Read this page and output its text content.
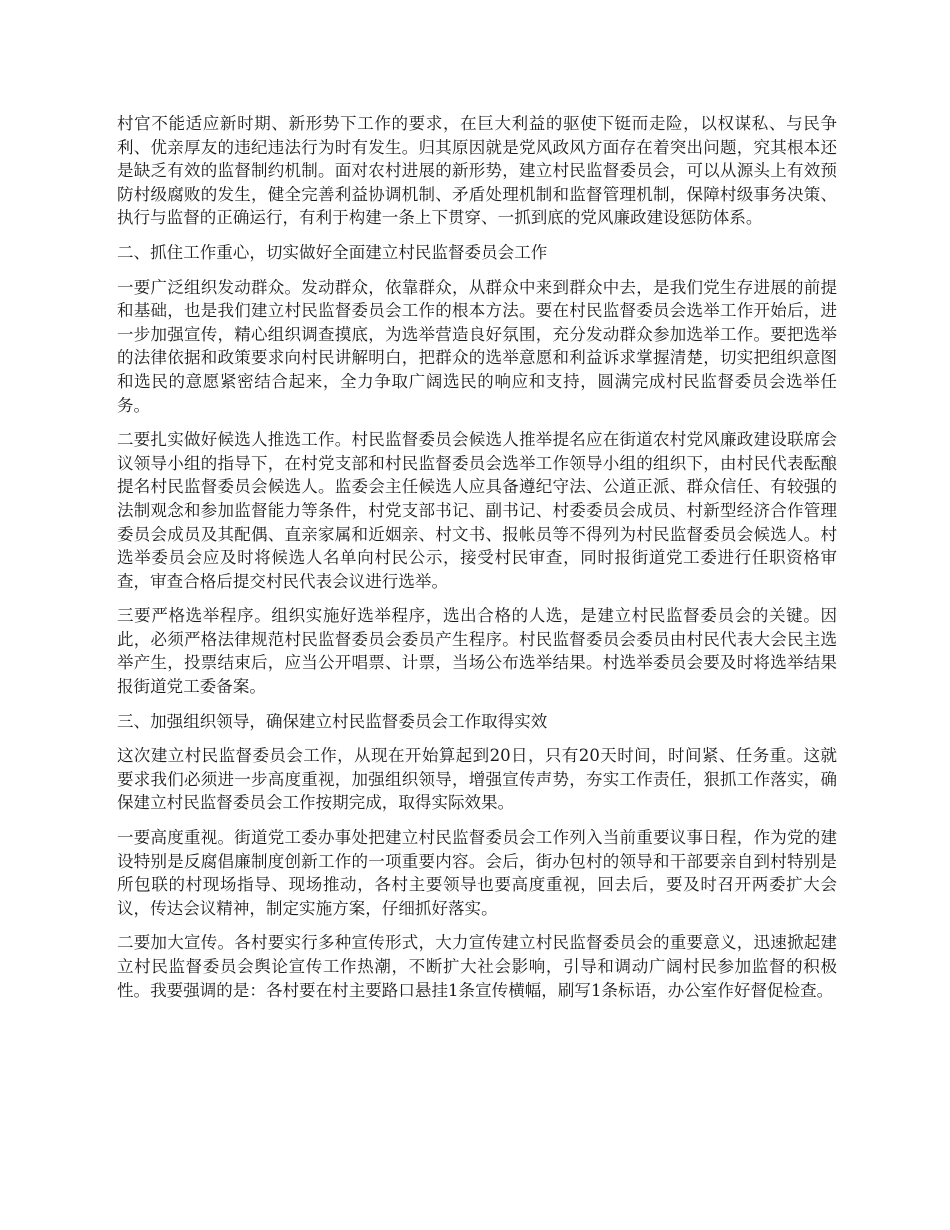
村官不能适应新时期、新形势下工作的要求，在巨大利益的驱使下铤而走险，以权谋私、与民争利、优亲厚友的违纪违法行为时有发生。归其原因就是党风政风方面存在着突出问题，究其根本还是缺乏有效的监督制约机制。面对农村进展的新形势，建立村民监督委员会，可以从源头上有效预防村级腐败的发生，健全完善利益协调机制、矛盾处理机制和监督管理机制，保障村级事务决策、执行与监督的正确运行，有利于构建一条上下贯穿、一抓到底的党风廉政建设惩防体系。

二、抓住工作重心，切实做好全面建立村民监督委员会工作

一要广泛组织发动群众。发动群众，依靠群众，从群众中来到群众中去，是我们党生存进展的前提和基础，也是我们建立村民监督委员会工作的根本方法。要在村民监督委员会选举工作开始后，进一步加强宣传，精心组织调查摸底，为选举营造良好氛围，充分发动群众参加选举工作。要把选举的法律依据和政策要求向村民讲解明白，把群众的选举意愿和利益诉求掌握清楚，切实把组织意图和选民的意愿紧密结合起来，全力争取广阔选民的响应和支持，圆满完成村民监督委员会选举任务。

二要扎实做好候选人推选工作。村民监督委员会候选人推举提名应在街道农村党风廉政建设联席会议领导小组的指导下，在村党支部和村民监督委员会选举工作领导小组的组织下，由村民代表酝酿提名村民监督委员会候选人。监委会主任候选人应具备遵纪守法、公道正派、群众信任、有较强的法制观念和参加监督能力等条件，村党支部书记、副书记、村委委员会成员、村新型经济合作管理委员会成员及其配偶、直亲家属和近姻亲、村文书、报帐员等不得列为村民监督委员会候选人。村选举委员会应及时将候选人名单向村民公示，接受村民审查，同时报街道党工委进行任职资格审查，审查合格后提交村民代表会议进行选举。

三要严格选举程序。组织实施好选举程序，选出合格的人选，是建立村民监督委员会的关键。因此，必须严格法律规范村民监督委员会委员产生程序。村民监督委员会委员由村民代表大会民主选举产生，投票结束后，应当公开唱票、计票，当场公布选举结果。村选举委员会要及时将选举结果报街道党工委备案。

三、加强组织领导，确保建立村民监督委员会工作取得实效

这次建立村民监督委员会工作，从现在开始算起到20日，只有20天时间，时间紧、任务重。这就要求我们必须进一步高度重视，加强组织领导，增强宣传声势，夯实工作责任，狠抓工作落实，确保建立村民监督委员会工作按期完成，取得实际效果。

一要高度重视。街道党工委办事处把建立村民监督委员会工作列入当前重要议事日程，作为党的建设特别是反腐倡廉制度创新工作的一项重要内容。会后，街办包村的领导和干部要亲自到村特别是所包联的村现场指导、现场推动，各村主要领导也要高度重视，回去后，要及时召开两委扩大会议，传达会议精神，制定实施方案，仔细抓好落实。

二要加大宣传。各村要实行多种宣传形式，大力宣传建立村民监督委员会的重要意义，迅速掀起建立村民监督委员会舆论宣传工作热潮，不断扩大社会影响，引导和调动广阔村民参加监督的积极性。我要强调的是：各村要在村主要路口悬挂1条宣传横幅，刷写1条标语，办公室作好督促检查。
